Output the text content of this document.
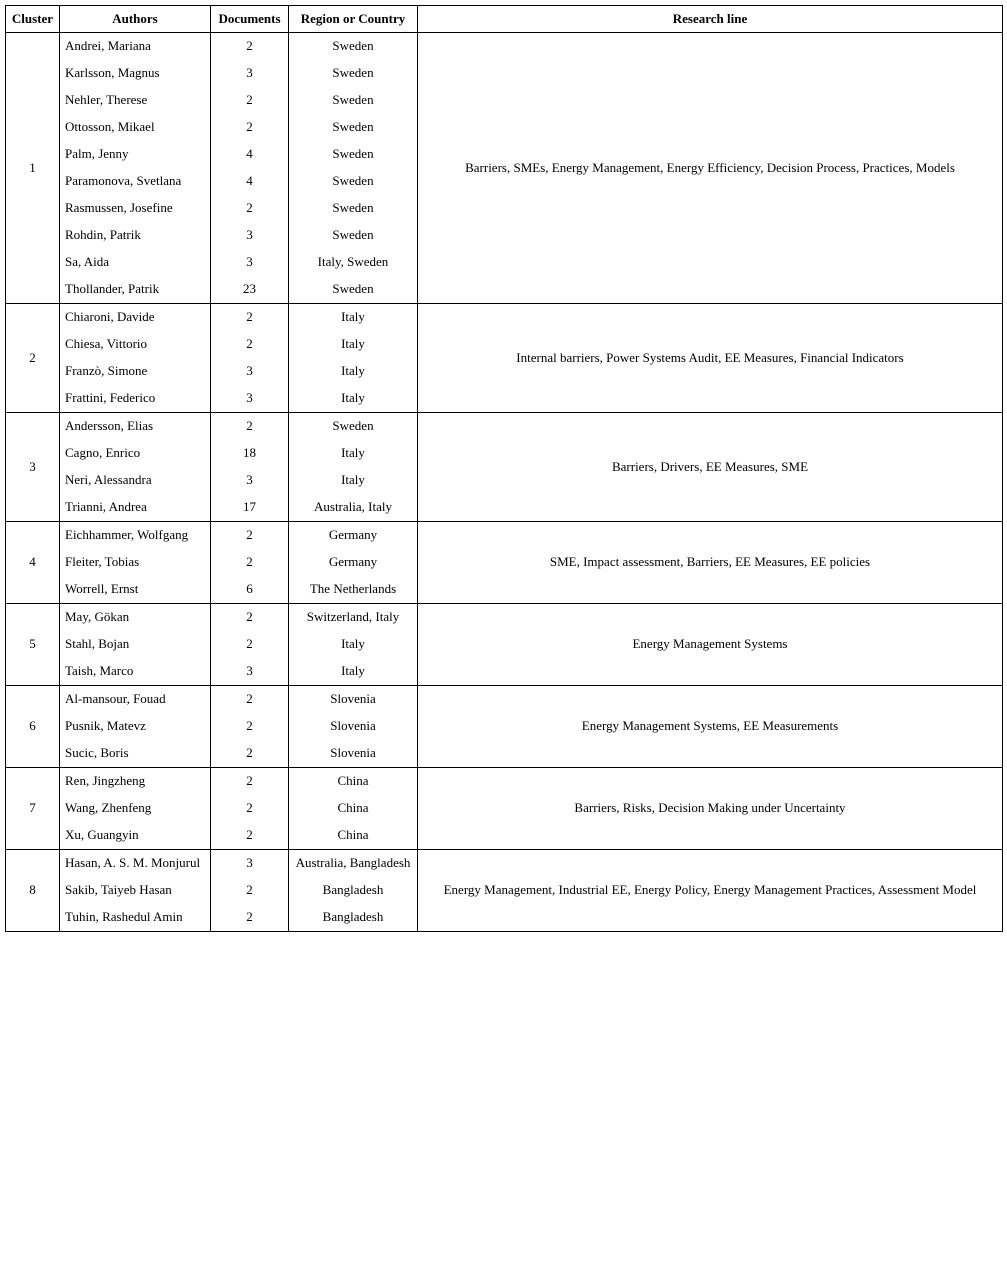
Cluster	Authors	Documents	Region or Country	Research line
1	Andrei, Mariana	2	Sweden	Barriers, SMEs, Energy Management, Energy Efficiency, Decision Process, Practices, Models
	Karlsson, Magnus	3	Sweden	
	Nehler, Therese	2	Sweden	
	Ottosson, Mikael	2	Sweden	
	Palm, Jenny	4	Sweden	
	Paramonova, Svetlana	4	Sweden	
	Rasmussen, Josefine	2	Sweden	
	Rohdin, Patrik	3	Sweden	
	Sa, Aida	3	Italy, Sweden	
	Thollander, Patrik	23	Sweden	
2	Chiaroni, Davide	2	Italy	Internal barriers, Power Systems Audit, EE Measures, Financial Indicators
	Chiesa, Vittorio	2	Italy	
	Franzò, Simone	3	Italy	
	Frattini, Federico	3	Italy	
3	Andersson, Elias	2	Sweden	Barriers, Drivers, EE Measures, SME
	Cagno, Enrico	18	Italy	
	Neri, Alessandra	3	Italy	
	Trianni, Andrea	17	Australia, Italy	
4	Eichhammer, Wolfgang	2	Germany	SME, Impact assessment, Barriers, EE Measures, EE policies
	Fleiter, Tobias	2	Germany	
	Worrell, Ernst	6	The Netherlands	
5	May, Gökan	2	Switzerland, Italy	Energy Management Systems
	Stahl, Bojan	2	Italy	
	Taish, Marco	3	Italy	
6	Al-mansour, Fouad	2	Slovenia	Energy Management Systems, EE Measurements
	Pusnik, Matevz	2	Slovenia	
	Sucic, Boris	2	Slovenia	
7	Ren, Jingzheng	2	China	Barriers, Risks, Decision Making under Uncertainty
	Wang, Zhenfeng	2	China	
	Xu, Guangyin	2	China	
8	Hasan, A. S. M. Monjurul	3	Australia, Bangladesh	Energy Management, Industrial EE, Energy Policy, Energy Management Practices, Assessment Model
	Sakib, Taiyeb Hasan	2	Bangladesh	
	Tuhin, Rashedul Amin	2	Bangladesh	
